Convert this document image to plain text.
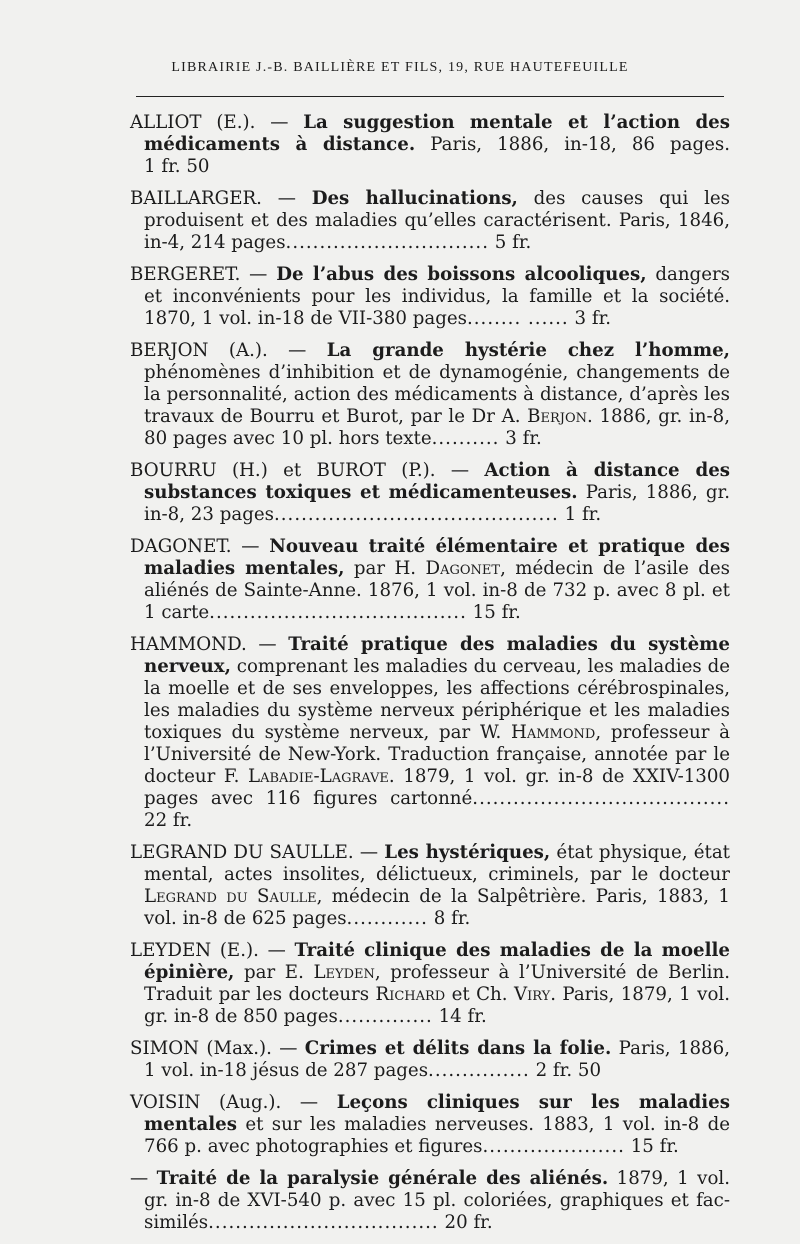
LIBRAIRIE J.-B. BAILLIÈRE ET FILS, 19, RUE HAUTEFEUILLE

ALLIOT (E.). — La suggestion mentale et l’action des médicaments à distance. Paris, 1886, in-18, 86 pages. 1 fr. 50

BAILLARGER. — Des hallucinations, des causes qui les produisent et des maladies qu’elles caractérisent. Paris, 1846, in-4, 214 pages.............................. 5 fr.

BERGERET. — De l’abus des boissons alcooliques, dangers et inconvénients pour les individus, la famille et la société. 1870, 1 vol. in-18 de VII-380 pages........ ...... 3 fr.

BERJON (A.). — La grande hystérie chez l’homme, phénomènes d’inhibition et de dynamogénie, changements de la personnalité, action des médicaments à distance, d’après les travaux de Bourru et Burot, par le Dr A. Berjon. 1886, gr. in-8, 80 pages avec 10 pl. hors texte.......... 3 fr.

BOURRU (H.) et BUROT (P.). — Action à distance des substances toxiques et médicamenteuses. Paris, 1886, gr. in-8, 23 pages.......................................... 1 fr.

DAGONET. — Nouveau traité élémentaire et pratique des maladies mentales, par H. Dagonet, médecin de l’asile des aliénés de Sainte-Anne. 1876, 1 vol. in-8 de 732 p. avec 8 pl. et 1 carte...................................... 15 fr.

HAMMOND. — Traité pratique des maladies du système nerveux, comprenant les maladies du cerveau, les maladies de la moelle et de ses enveloppes, les affections cérébrospinales, les maladies du système nerveux périphérique et les maladies toxiques du système nerveux, par W. Hammond, professeur à l’Université de New-York. Traduction française, annotée par le docteur F. Labadie-Lagrave. 1879, 1 vol. gr. in-8 de XXIV-1300 pages avec 116 figures cartonné...................................... 22 fr.

LEGRAND DU SAULLE. — Les hystériques, état physique, état mental, actes insolites, délictueux, criminels, par le docteur Legrand du Saulle, médecin de la Salpêtrière. Paris, 1883, 1 vol. in-8 de 625 pages............ 8 fr.

LEYDEN (E.). — Traité clinique des maladies de la moelle épinière, par E. Leyden, professeur à l’Université de Berlin. Traduit par les docteurs Richard et Ch. Viry. Paris, 1879, 1 vol. gr. in-8 de 850 pages.............. 14 fr.

SIMON (Max.). — Crimes et délits dans la folie. Paris, 1886, 1 vol. in-18 jésus de 287 pages............... 2 fr. 50

VOISIN (Aug.). — Leçons cliniques sur les maladies mentales et sur les maladies nerveuses. 1883, 1 vol. in-8 de 766 p. avec photographies et figures..................... 15 fr.

— Traité de la paralysie générale des aliénés. 1879, 1 vol. gr. in-8 de XVI-540 p. avec 15 pl. coloriées, graphiques et fac-similés.................................. 20 fr.
